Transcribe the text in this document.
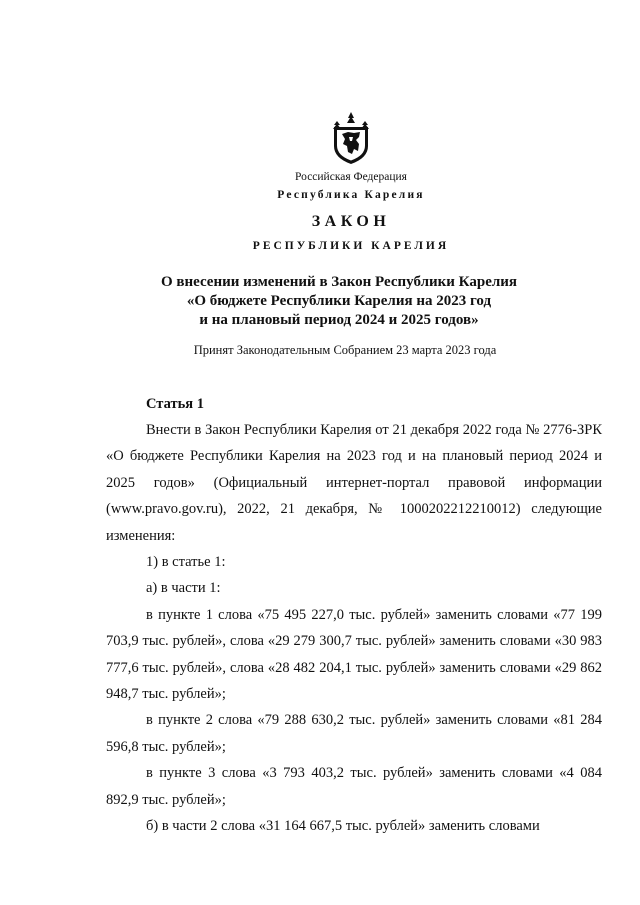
Российская Федерация
Республика Карелия
ЗАКОН
РЕСПУБЛИКИ КАРЕЛИЯ
О внесении изменений в Закон Республики Карелия
«О бюджете Республики Карелия на 2023 год
и на плановый период 2024 и 2025 годов»
Принят Законодательным Собранием 23 марта 2023 года
Статья 1

Внести в Закон Республики Карелия от 21 декабря 2022 года № 2776-ЗРК «О бюджете Республики Карелия на 2023 год и на плановый период 2024 и 2025 годов» (Официальный интернет-портал правовой информации (www.pravo.gov.ru), 2022, 21 декабря, № 1000202212210012) следующие изменения:

1) в статье 1:

а) в части 1:

в пункте 1 слова «75 495 227,0 тыс. рублей» заменить словами «77 199 703,9 тыс. рублей», слова «29 279 300,7 тыс. рублей» заменить словами «30 983 777,6 тыс. рублей», слова «28 482 204,1 тыс. рублей» заменить словами «29 862 948,7 тыс. рублей»;

в пункте 2 слова «79 288 630,2 тыс. рублей» заменить словами «81 284 596,8 тыс. рублей»;

в пункте 3 слова «3 793 403,2 тыс. рублей» заменить словами «4 084 892,9 тыс. рублей»;

б) в части 2 слова «31 164 667,5 тыс. рублей» заменить словами
